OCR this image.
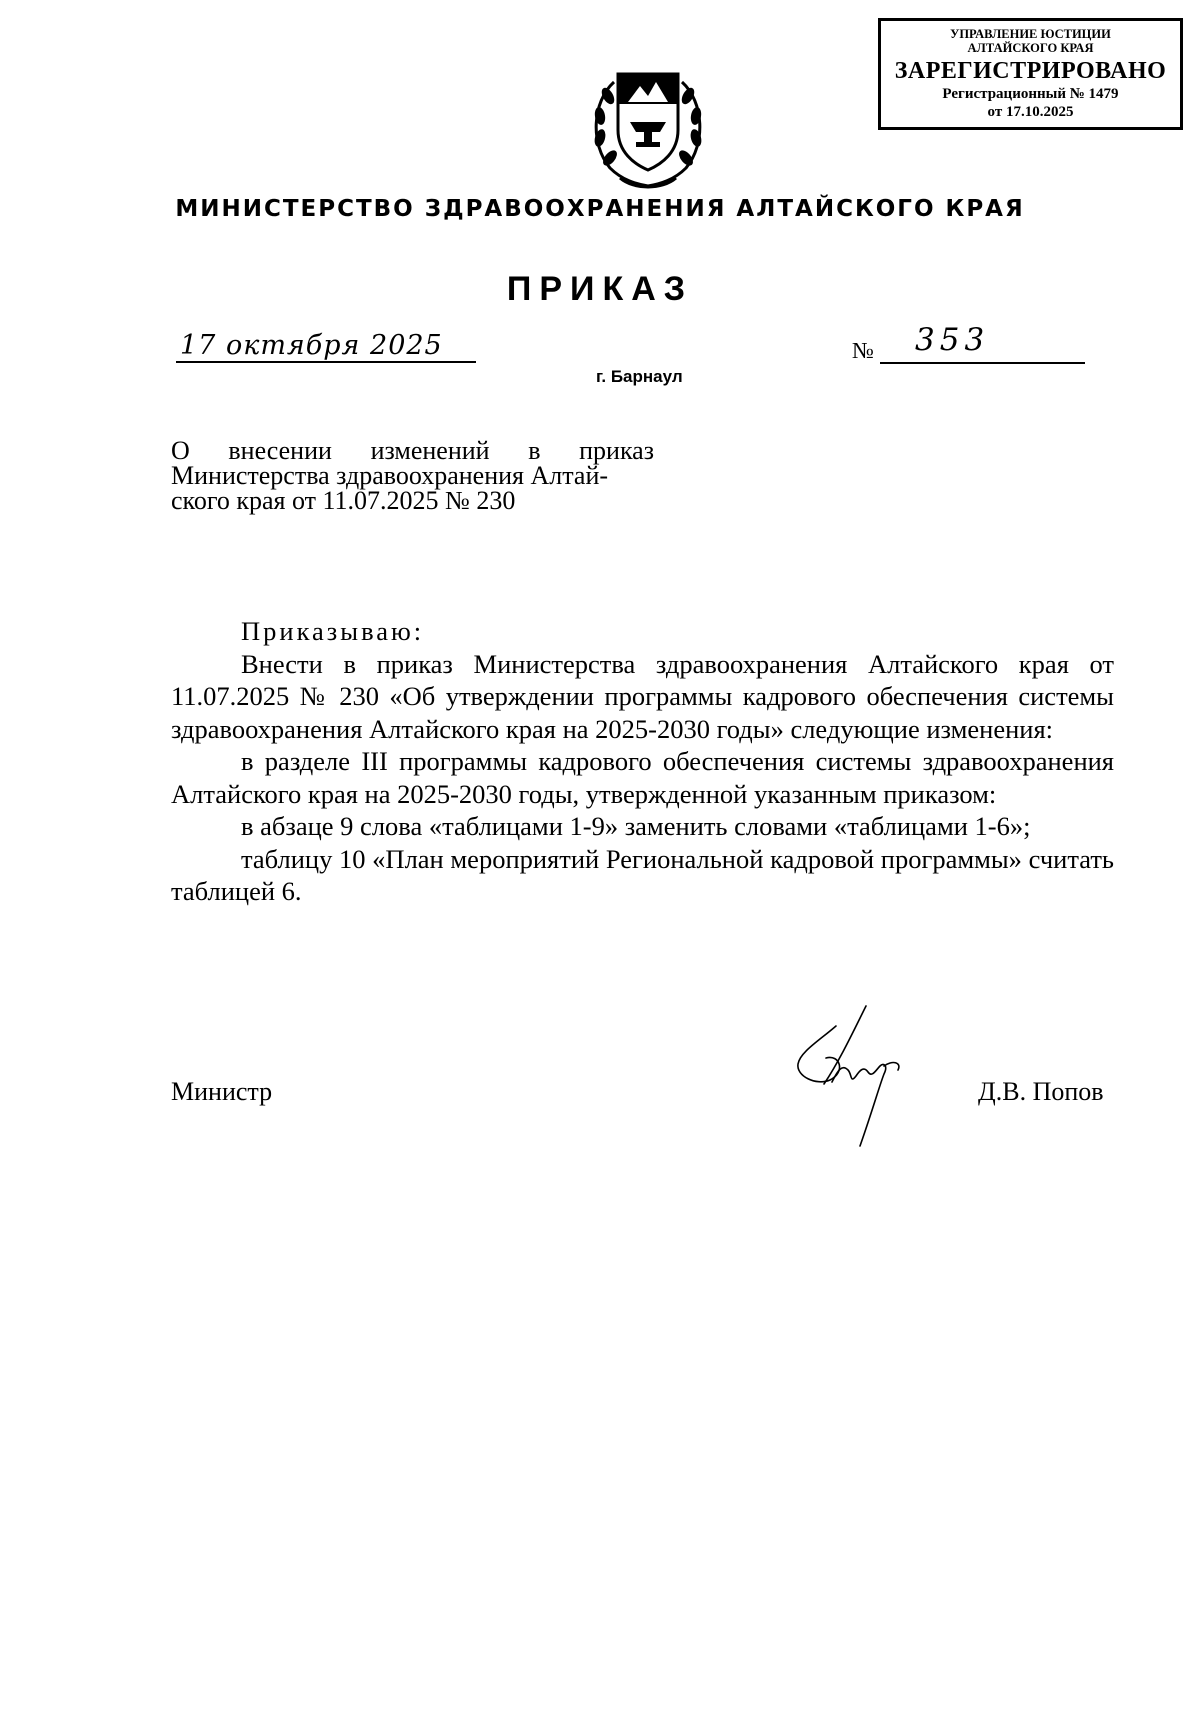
УПРАВЛЕНИЕ ЮСТИЦИИ
АЛТАЙСКОГО КРАЯ
ЗАРЕГИСТРИРОВАНО
Регистрационный № 1479
от 17.10.2025
МИНИСТЕРСТВО ЗДРАВООХРАНЕНИЯ АЛТАЙСКОГО КРАЯ
ПРИКАЗ
17 октября 2025	№ 353
г. Барнаул
О внесении изменений в приказ
Министерства здравоохранения Алтай-
ского края от 11.07.2025 № 230

Приказываю:

Внести в приказ Министерства здравоохранения Алтайского края от 11.07.2025 № 230 «Об утверждении программы кадрового обеспечения системы здравоохранения Алтайского края на 2025-2030 годы» следующие изменения:

в разделе III программы кадрового обеспечения системы здравоохранения Алтайского края на 2025-2030 годы, утвержденной указанным приказом:

в абзаце 9 слова «таблицами 1-9» заменить словами «таблицами 1-6»;

таблицу 10 «План мероприятий Региональной кадровой программы» считать таблицей 6.

Министр	Д.В. Попов
